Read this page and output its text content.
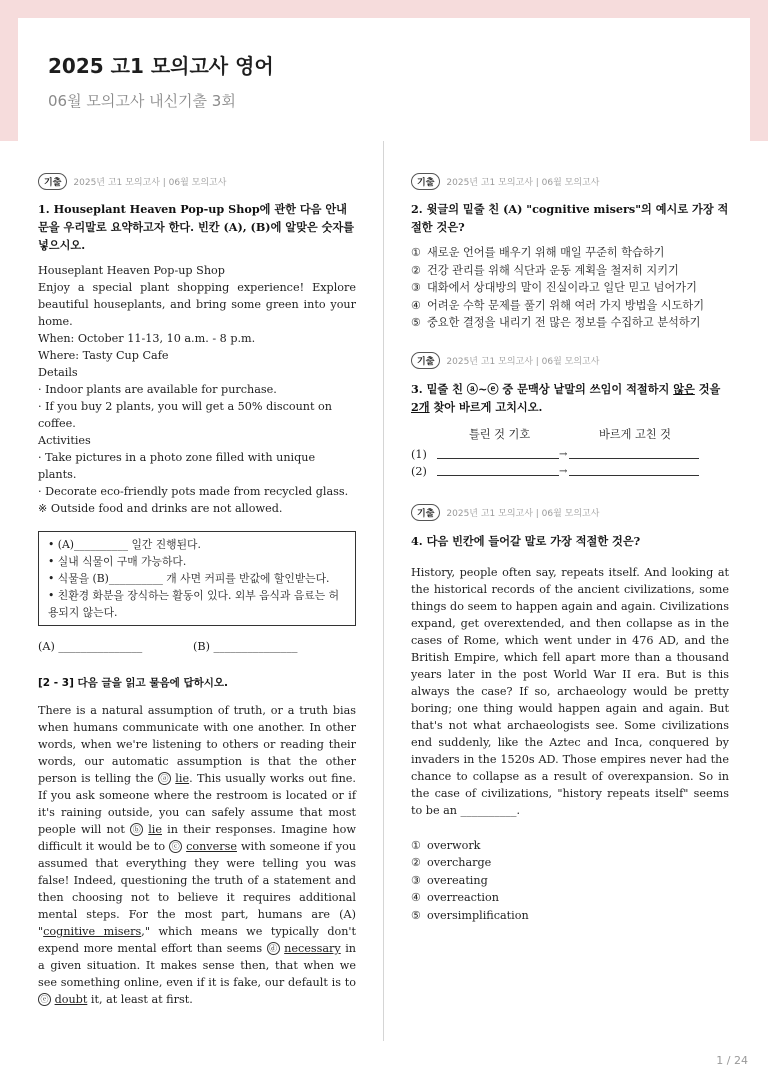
2025 고1 모의고사 영어
06월 모의고사 내신기출 3회
기출	2025년 고1 모의고사 | 06월 모의고사
1. Houseplant Heaven Pop-up Shop에 관한 다음 안내문을 우리말로 요약하고자 한다. 빈칸 (A), (B)에 알맞은 숫자를 넣으시오.

Houseplant Heaven Pop-up Shop

Enjoy a special plant shopping experience! Explore beautiful houseplants, and bring some green into your home.

When: October 11-13, 10 a.m. - 8 p.m.

Where: Tasty Cup Cafe

Details

· Indoor plants are available for purchase.

· If you buy 2 plants, you will get a 50% discount on coffee.

Activities

· Take pictures in a photo zone filled with unique plants.

· Decorate eco-friendly pots made from recycled glass.

※ Outside food and drinks are not allowed.

• (A)__________ 일간 진행된다.

• 실내 식물이 구매 가능하다.

• 식물을 (B)__________ 개 사면 커피를 반값에 할인받는다.

• 친환경 화분을 장식하는 활동이 있다. 외부 음식과 음료는 허용되지 않는다.

(A) _______________	(B) _______________
[2 - 3] 다음 글을 읽고 물음에 답하시오.

There is a natural assumption of truth, or a truth bias when humans communicate with one another. In other words, when we're listening to others or reading their words, our automatic assumption is that the other person is telling the ⓐ lie. This usually works out fine. If you ask someone where the restroom is located or if it's raining outside, you can safely assume that most people will not ⓑ lie in their responses. Imagine how difficult it would be to ⓒ converse with someone if you assumed that everything they were telling you was false! Indeed, questioning the truth of a statement and then choosing not to believe it requires additional mental steps. For the most part, humans are (A) "cognitive misers," which means we typically don't expend more mental effort than seems ⓓ necessary in a given situation. It makes sense then, that when we see something online, even if it is fake, our default is to ⓔ doubt it, at least at first.

기출	2025년 고1 모의고사 | 06월 모의고사
2. 윗글의 밑줄 친 (A) "cognitive misers"의 예시로 가장 적절한 것은?
① 새로운 언어를 배우기 위해 매일 꾸준히 학습하기
② 건강 관리를 위해 식단과 운동 계획을 철저히 지키기
③ 대화에서 상대방의 말이 진실이라고 일단 믿고 넘어가기
④ 어려운 수학 문제를 풀기 위해 여러 가지 방법을 시도하기
⑤ 중요한 결정을 내리기 전 많은 정보를 수집하고 분석하기
기출	2025년 고1 모의고사 | 06월 모의고사
3. 밑줄 친 ⓐ~ⓔ 중 문맥상 낱말의 쓰임이 적절하지 않은 것을 2개 찾아 바르게 고치시오.
틀린 것 기호	바르게 고친 것
(1)	→
(2)	→
기출	2025년 고1 모의고사 | 06월 모의고사
4. 다음 빈칸에 들어갈 말로 가장 적절한 것은?

History, people often say, repeats itself. And looking at the historical records of the ancient civilizations, some things do seem to happen again and again. Civilizations expand, get overextended, and then collapse as in the cases of Rome, which went under in 476 AD, and the British Empire, which fell apart more than a thousand years later in the post World War II era. But is this always the case? If so, archaeology would be pretty boring; one thing would happen again and again. But that's not what archaeologists see. Some civilizations end suddenly, like the Aztec and Inca, conquered by invaders in the 1520s AD. Those empires never had the chance to collapse as a result of overexpansion. So in the case of civilizations, "history repeats itself" seems to be an __________.

① overwork
② overcharge
③ overeating
④ overreaction
⑤ oversimplification
1 / 24
